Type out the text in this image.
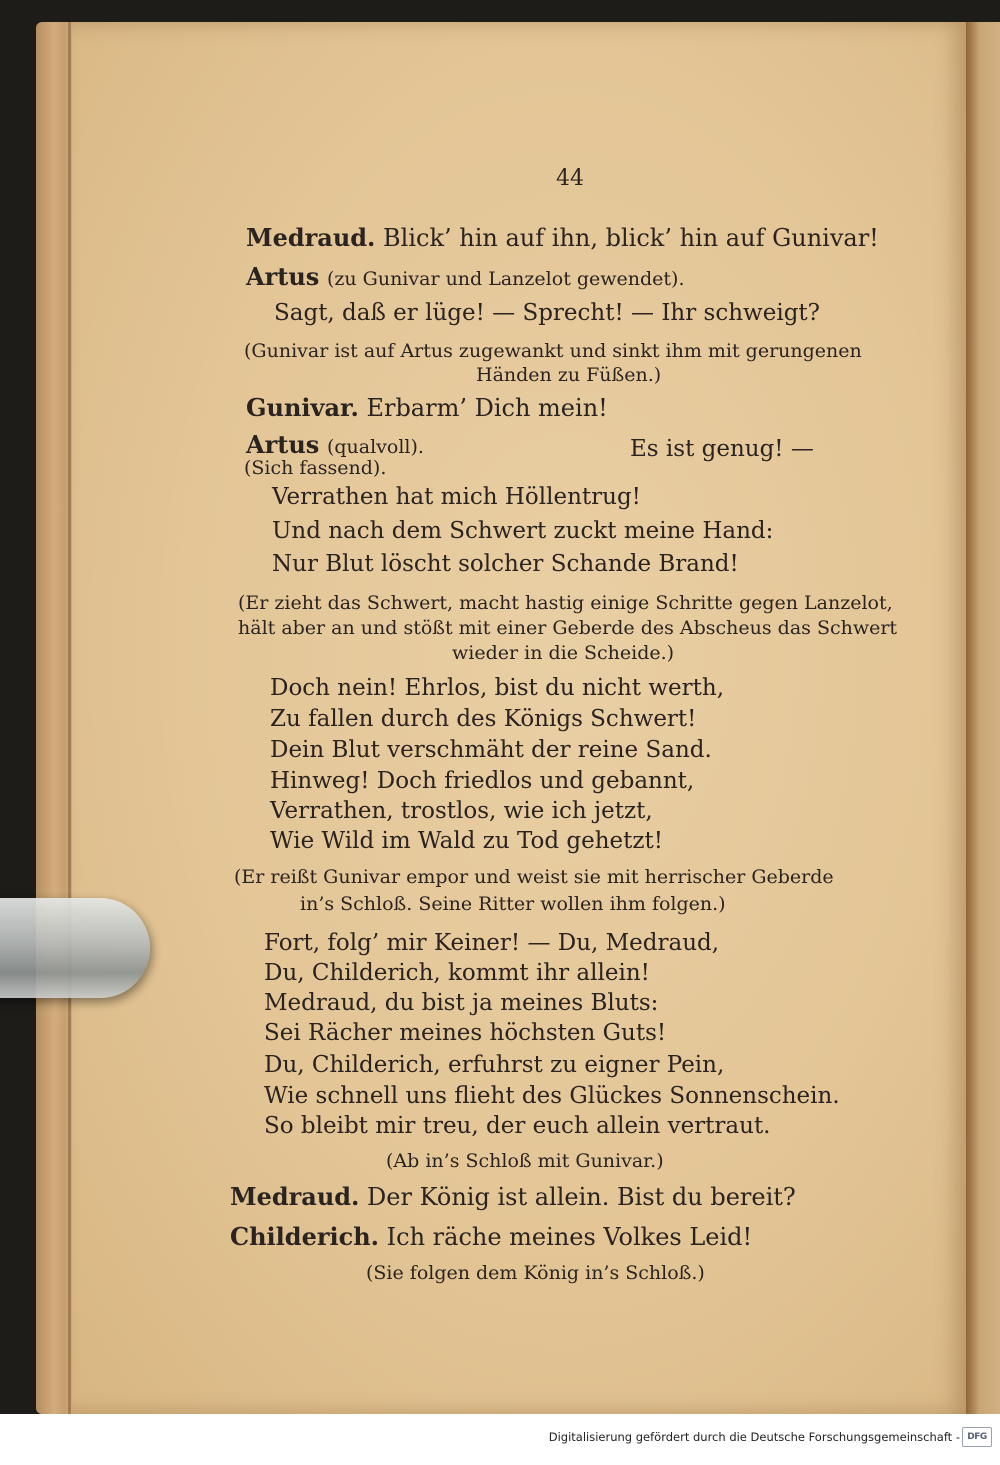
44
Medraud. Blick’ hin auf ihn, blick’ hin auf Gunivar!
Artus (zu Gunivar und Lanzelot gewendet).
Sagt, daß er lüge! — Sprecht! — Ihr schweigt?
(Gunivar ist auf Artus zugewankt und sinkt ihm mit gerungenen
Händen zu Füßen.)
Gunivar. Erbarm’ Dich mein!
Artus (qualvoll).	Es ist genug! —
(Sich fassend).
Verrathen hat mich Höllentrug!
Und nach dem Schwert zuckt meine Hand:
Nur Blut löscht solcher Schande Brand!
(Er zieht das Schwert, macht hastig einige Schritte gegen Lanzelot,
hält aber an und stößt mit einer Geberde des Abscheus das Schwert
wieder in die Scheide.)
Doch nein! Ehrlos, bist du nicht werth,
Zu fallen durch des Königs Schwert!
Dein Blut verschmäht der reine Sand.
Hinweg! Doch friedlos und gebannt,
Verrathen, trostlos, wie ich jetzt,
Wie Wild im Wald zu Tod gehetzt!
(Er reißt Gunivar empor und weist sie mit herrischer Geberde
in’s Schloß. Seine Ritter wollen ihm folgen.)
Fort, folg’ mir Keiner! — Du, Medraud,
Du, Childerich, kommt ihr allein!
Medraud, du bist ja meines Bluts:
Sei Rächer meines höchsten Guts!
Du, Childerich, erfuhrst zu eigner Pein,
Wie schnell uns flieht des Glückes Sonnenschein.
So bleibt mir treu, der euch allein vertraut.
(Ab in’s Schloß mit Gunivar.)
Medraud. Der König ist allein. Bist du bereit?
Childerich. Ich räche meines Volkes Leid!
(Sie folgen dem König in’s Schloß.)
Digitalisierung gefördert durch die Deutsche Forschungsgemeinschaft - DFG
